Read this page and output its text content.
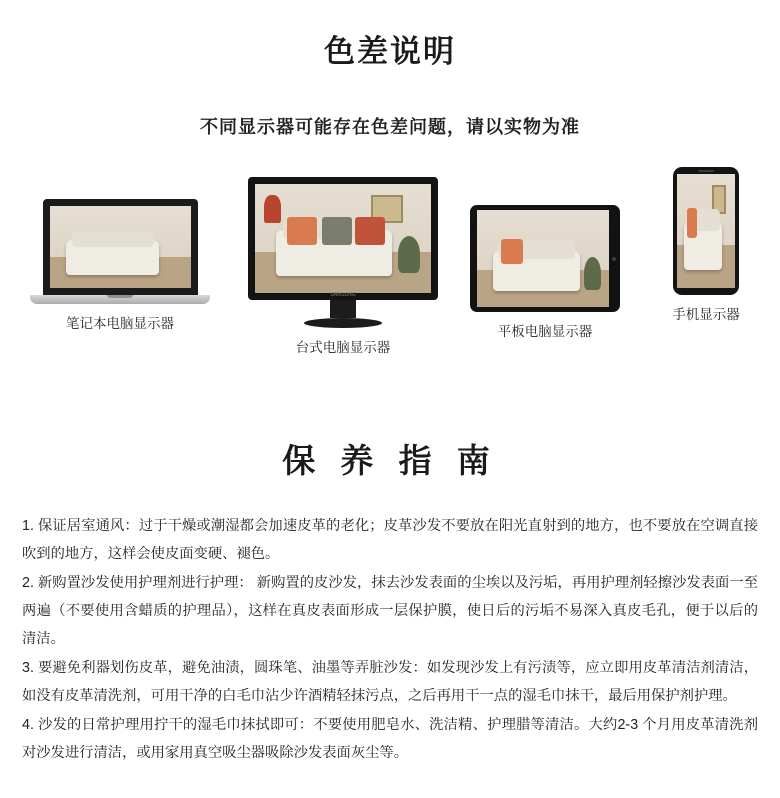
色差说明
不同显示器可能存在色差问题，请以实物为准
笔记本电脑显示器
SAMSUNG
台式电脑显示器
平板电脑显示器
手机显示器
保 养 指 南

1. 保证居室通风：过于干燥或潮湿都会加速皮革的老化；皮革沙发不要放在阳光直射到的地方，也不要放在空调直接吹到的地方，这样会使皮面变硬、褪色。

2. 新购置沙发使用护理剂进行护理： 新购置的皮沙发，抹去沙发表面的尘埃以及污垢，再用护理剂轻擦沙发表面一至两遍（不要使用含蜡质的护理品），这样在真皮表面形成一层保护膜，使日后的污垢不易深入真皮毛孔，便于以后的清洁。

3. 要避免利器划伤皮革，避免油渍，圆珠笔、油墨等弄脏沙发：如发现沙发上有污渍等，应立即用皮革清洁剂清洁，如没有皮革清洗剂，可用干净的白毛巾沾少许酒精轻抹污点，之后再用干一点的湿毛巾抹干，最后用保护剂护理。

4. 沙发的日常护理用拧干的湿毛巾抹拭即可：不要使用肥皂水、洗洁精、护理腊等清洁。大约2-3 个月用皮革清洗剂对沙发进行清洁，或用家用真空吸尘器吸除沙发表面灰尘等。
